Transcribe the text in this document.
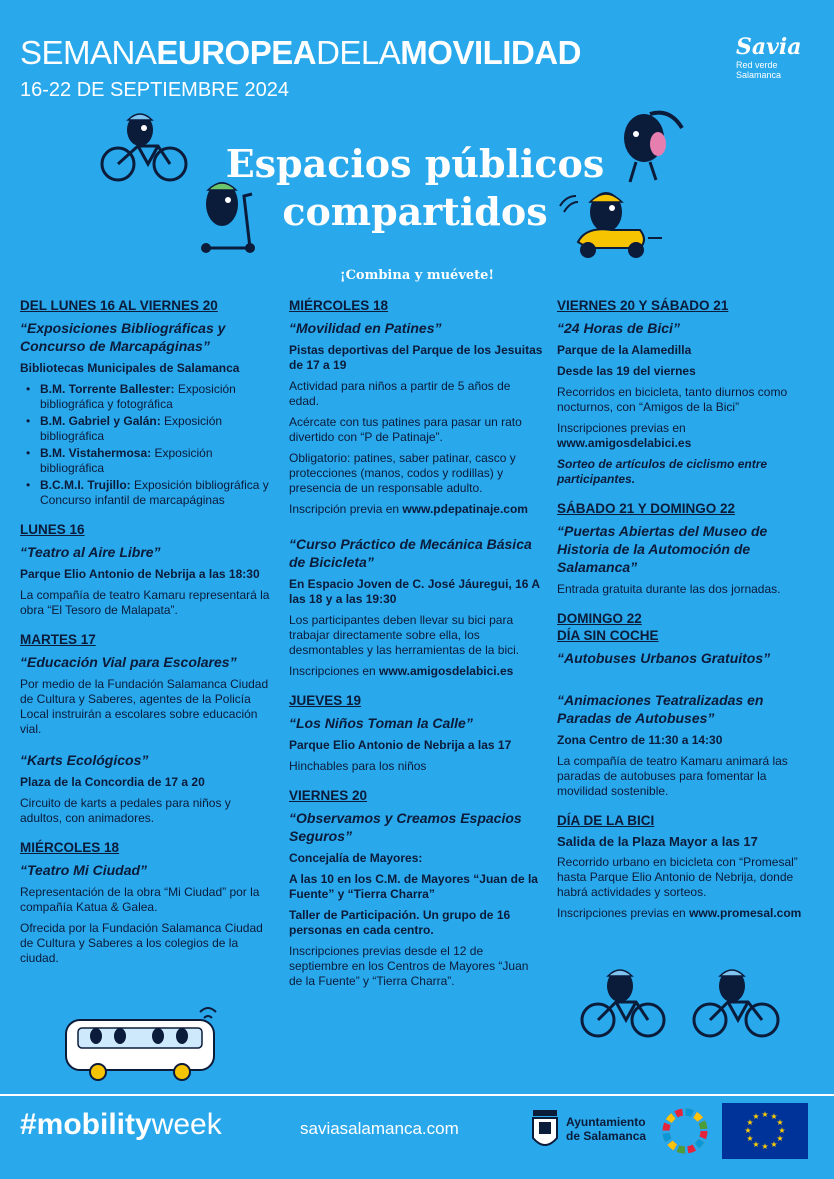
SEMANAEUROPEADELAMOVILIDAD
16-22 DE SEPTIEMBRE 2024
Savia
Red verde
Salamanca
Espacios públicos
compartidos
¡Combina y muévete!
DEL LUNES 16 AL VIERNES 20
“Exposiciones Bibliográficas y Concurso de Marcapáginas”
Bibliotecas Municipales de Salamanca
• B.M. Torrente Ballester: Exposición bibliográfica y fotográfica
• B.M. Gabriel y Galán: Exposición bibliográfica
• B.M. Vistahermosa: Exposición bibliográfica
• B.C.M.I. Trujillo: Exposición bibliográfica y Concurso infantil de marcapáginas
LUNES 16
“Teatro al Aire Libre”
Parque Elio Antonio de Nebrija a las 18:30
La compañía de teatro Kamaru representará la obra “El Tesoro de Malapata”.
MARTES 17
“Educación Vial para Escolares”
Por medio de la Fundación Salamanca Ciudad de Cultura y Saberes, agentes de la Policía Local instruirán a escolares sobre educación vial.
“Karts Ecológicos”
Plaza de la Concordia de 17 a 20
Circuito de karts a pedales para niños y adultos, con animadores.
MIÉRCOLES 18
“Teatro Mi Ciudad”
Representación de la obra “Mi Ciudad” por la compañía Katua & Galea.
Ofrecida por la Fundación Salamanca Ciudad de Cultura y Saberes a los colegios de la ciudad.
MIÉRCOLES 18
“Movilidad en Patines”
Pistas deportivas del Parque de los Jesuitas de 17 a 19
Actividad para niños a partir de 5 años de edad.
Acércate con tus patines para pasar un rato divertido con “P de Patinaje”.
Obligatorio: patines, saber patinar, casco y protecciones (manos, codos y rodillas) y presencia de un responsable adulto.
Inscripción previa en www.pdepatinaje.com
“Curso Práctico de Mecánica Básica de Bicicleta”
En Espacio Joven de C. José Jáuregui, 16 A las 18 y a las 19:30
Los participantes deben llevar su bici para trabajar directamente sobre ella, los desmontables y las herramientas de la bici.
Inscripciones en www.amigosdelabici.es
JUEVES 19
“Los Niños Toman la Calle”
Parque Elio Antonio de Nebrija a las 17
Hinchables para los niños
VIERNES 20
“Observamos y Creamos Espacios Seguros”
Concejalía de Mayores:
A las 10 en los C.M. de Mayores “Juan de la Fuente” y “Tierra Charra”
Taller de Participación. Un grupo de 16 personas en cada centro.
Inscripciones previas desde el 12 de septiembre en los Centros de Mayores “Juan de la Fuente” y “Tierra Charra”.
VIERNES 20 Y SÁBADO 21
“24 Horas de Bici”
Parque de la Alamedilla
Desde las 19 del viernes
Recorridos en bicicleta, tanto diurnos como nocturnos, con “Amigos de la Bici”
Inscripciones previas en www.amigosdelabici.es
Sorteo de artículos de ciclismo entre participantes.
SÁBADO 21 Y DOMINGO 22
“Puertas Abiertas del Museo de Historia de la Automoción de Salamanca”
Entrada gratuita durante las dos jornadas.
DOMINGO 22
DÍA SIN COCHE
“Autobuses Urbanos Gratuitos”
“Animaciones Teatralizadas en Paradas de Autobuses”
Zona Centro de 11:30 a 14:30
La compañía de teatro Kamaru animará las paradas de autobuses para fomentar la movilidad sostenible.
DÍA DE LA BICI
Salida de la Plaza Mayor a las 17
Recorrido urbano en bicicleta con “Promesal” hasta Parque Elio Antonio de Nebrija, donde habrá actividades y sorteos.
Inscripciones previas en www.promesal.com
#mobilityweek	saviasalamanca.com	Ayuntamiento
de Salamanca
★ ★
★
★
★
★
★
★
★
★
★
★
